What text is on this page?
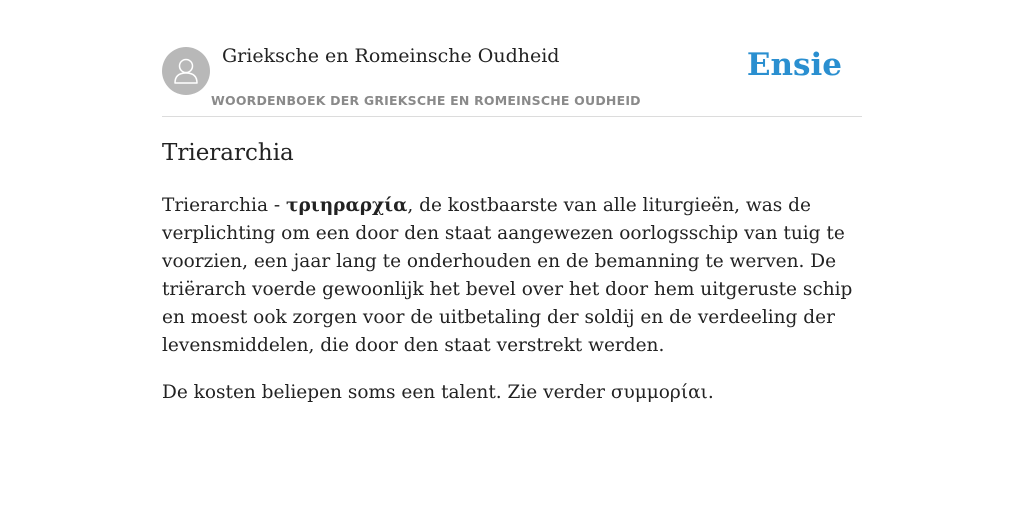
Grieksche en Romeinsche Oudheid
WOORDENBOEK DER GRIEKSCHE EN ROMEINSCHE OUDHEID
Ensie
Trierarchia

Trierarchia - τριηραρχία, de kostbaarste van alle liturgieën, was de verplichting om een door den staat aangewezen oorlogsschip van tuig te voorzien, een jaar lang te onderhouden en de bemanning te werven. De triërarch voerde gewoonlijk het bevel over het door hem uitgeruste schip en moest ook zorgen voor de uitbetaling der soldij en de verdeeling der levensmiddelen, die door den staat verstrekt werden.

De kosten beliepen soms een talent. Zie verder συμμορίαι.
